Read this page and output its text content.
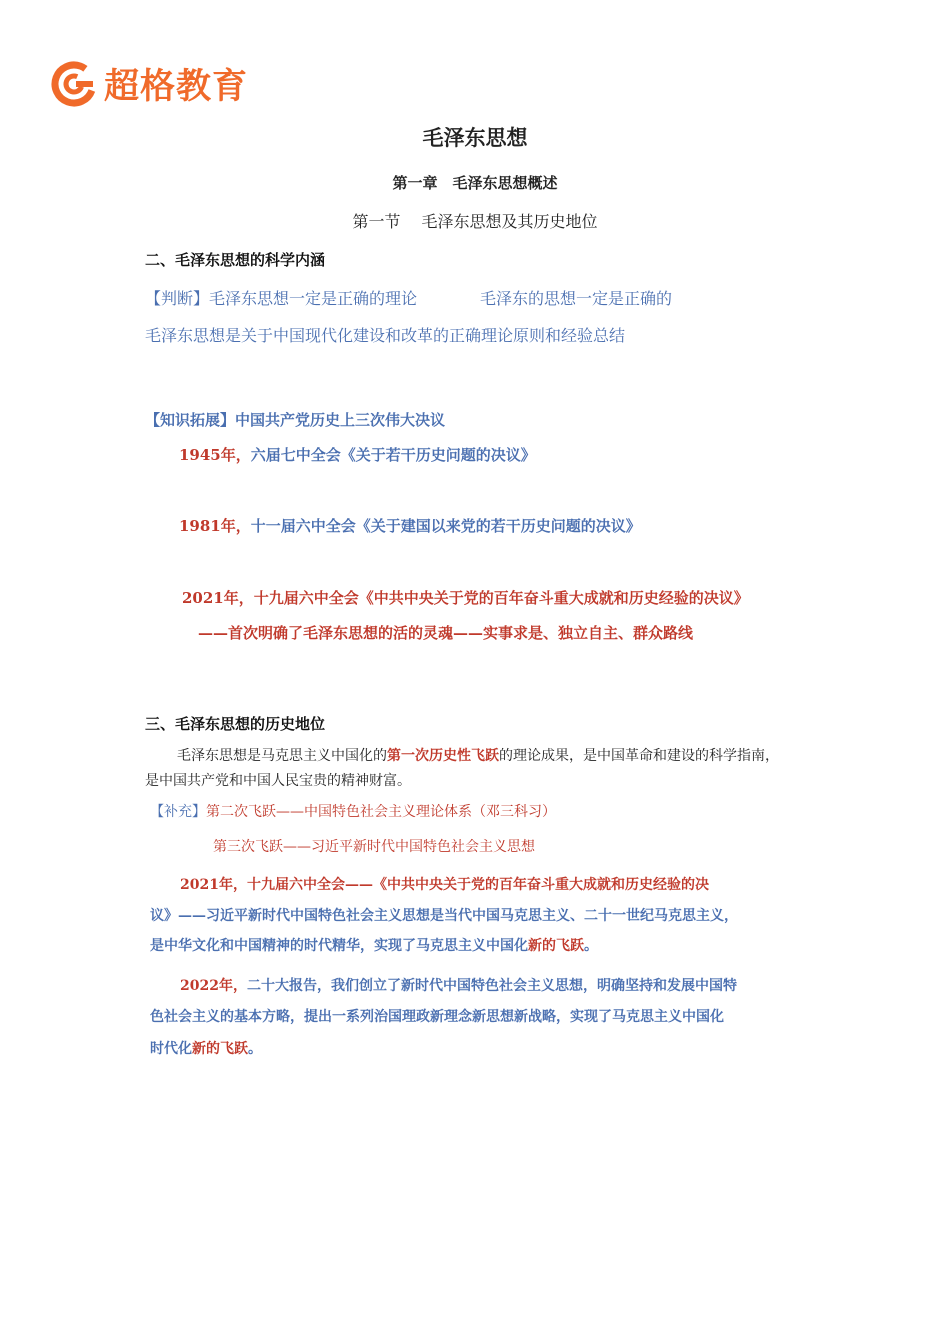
超格教育
毛泽东思想
第一章　毛泽东思想概述
第一节　 毛泽东思想及其历史地位
二、毛泽东思想的科学内涵
【判断】毛泽东思想一定是正确的理论	毛泽东的思想一定是正确的
毛泽东思想是关于中国现代化建设和改革的正确理论原则和经验总结
【知识拓展】中国共产党历史上三次伟大决议
1945年，六届七中全会《关于若干历史问题的决议》
1981年，十一届六中全会《关于建国以来党的若干历史问题的决议》
2021年，十九届六中全会《中共中央关于党的百年奋斗重大成就和历史经验的决议》
——首次明确了毛泽东思想的活的灵魂——实事求是、独立自主、群众路线
三、毛泽东思想的历史地位
毛泽东思想是马克思主义中国化的第一次历史性飞跃的理论成果，是中国革命和建设的科学指南，
是中国共产党和中国人民宝贵的精神财富。
【补充】第二次飞跃——中国特色社会主义理论体系（邓三科习）
第三次飞跃——习近平新时代中国特色社会主义思想
2021年，十九届六中全会——《中共中央关于党的百年奋斗重大成就和历史经验的决
议》——习近平新时代中国特色社会主义思想是当代中国马克思主义、二十一世纪马克思主义，
是中华文化和中国精神的时代精华，实现了马克思主义中国化新的飞跃。
2022年，二十大报告，我们创立了新时代中国特色社会主义思想，明确坚持和发展中国特
色社会主义的基本方略，提出一系列治国理政新理念新思想新战略，实现了马克思主义中国化
时代化新的飞跃。
